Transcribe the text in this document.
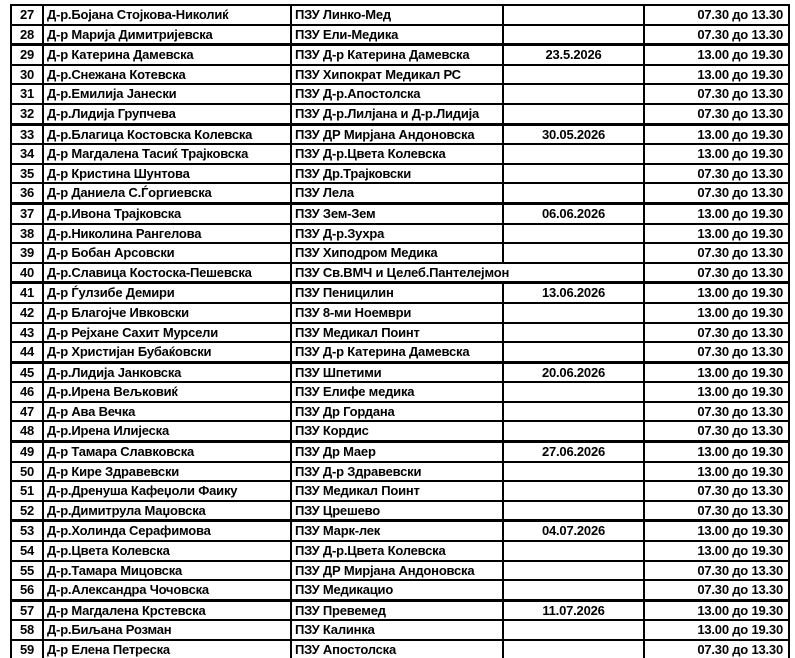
27	Д-р.Бојана Стојкова-Николиќ	ПЗУ Линко-Мед		07.30 до 13.30
28	Д-р Марија Димитријевска	ПЗУ Ели-Медика		07.30 до 13.30
29	Д-р Катерина Дамевска	ПЗУ Д-р Катерина Дамевска	23.5.2026	13.00 до 19.30
30	Д-р.Снежана Котевска	ПЗУ Хипократ Медикал РС		13.00 до 19.30
31	Д-р.Емилија Јанески	ПЗУ Д-р.Апостолска		07.30 до 13.30
32	Д-р.Лидија Групчева	ПЗУ Д-р.Лилјана и Д-р.Лидија		07.30 до 13.30
33	Д-р.Благица Костовска Колевска	ПЗУ ДР Мирјана Андоновска	30.05.2026	13.00 до 19.30
34	Д-р Магдалена Тасиќ Трајковска	ПЗУ Д-р.Цвета Колевска		13.00 до 19.30
35	Д-р Кристина Шунтова	ПЗУ Др.Трајковски		07.30 до 13.30
36	Д-р Даниела С.Ѓоргиевска	ПЗУ Лела		07.30 до 13.30
37	Д-р.Ивона Трајковска	ПЗУ Зем-Зем	06.06.2026	13.00 до 19.30
38	Д-р.Николина Рангелова	ПЗУ Д-р.Зухра		13.00 до 19.30
39	Д-р Бобан Арсовски	ПЗУ Хиподром Медика		07.30 до 13.30
40	Д-р.Славица Костоска-Пешевска	ПЗУ Св.ВМЧ и Целеб.Пантелејмон		07.30 до 13.30
41	Д-р Ѓулзибе Демири	ПЗУ Пеницилин	13.06.2026	13.00 до 19.30
42	Д-р Благојче Ивковски	ПЗУ 8-ми Ноември		13.00 до 19.30
43	Д-р Рејхане Сахит Мурсели	ПЗУ Медикал Поинт		07.30 до 13.30
44	Д-р Христијан Бубаќовски	ПЗУ Д-р Катерина Дамевска		07.30 до 13.30
45	Д-р.Лидија Јанковска	ПЗУ Шпетими	20.06.2026	13.00 до 19.30
46	Д-р.Ирена Вељковиќ	ПЗУ Елифе медика		13.00 до 19.30
47	Д-р Ава Вечка	ПЗУ Др Гордана		07.30 до 13.30
48	Д-р.Ирена Илијеска	ПЗУ Кордис		07.30 до 13.30
49	Д-р Тамара Славковска	ПЗУ Др Маер	27.06.2026	13.00 до 19.30
50	Д-р Кире Здравевски	ПЗУ Д-р Здравевски		13.00 до 19.30
51	Д-р.Дренуша Кафеџоли Фаику	ПЗУ Медикал Поинт		07.30 до 13.30
52	Д-р.Димитрула Маџовска	ПЗУ Црешево		07.30 до 13.30
53	Д-р.Холинда Серафимова	ПЗУ Марк-лек	04.07.2026	13.00 до 19.30
54	Д-р.Цвета Колевска	ПЗУ Д-р.Цвета Колевска		13.00 до 19.30
55	Д-р.Тамара Мицовска	ПЗУ ДР Мирјана Андоновска		07.30 до 13.30
56	Д-р.Александра Чочовска	ПЗУ Медикацио		07.30 до 13.30
57	Д-р Магдалена Крстевска	ПЗУ Превемед	11.07.2026	13.00 до 19.30
58	Д-р.Биљана Розман	ПЗУ Калинка		13.00 до 19.30
59	Д-р Елена Петреска	ПЗУ Апостолска		07.30 до 13.30
